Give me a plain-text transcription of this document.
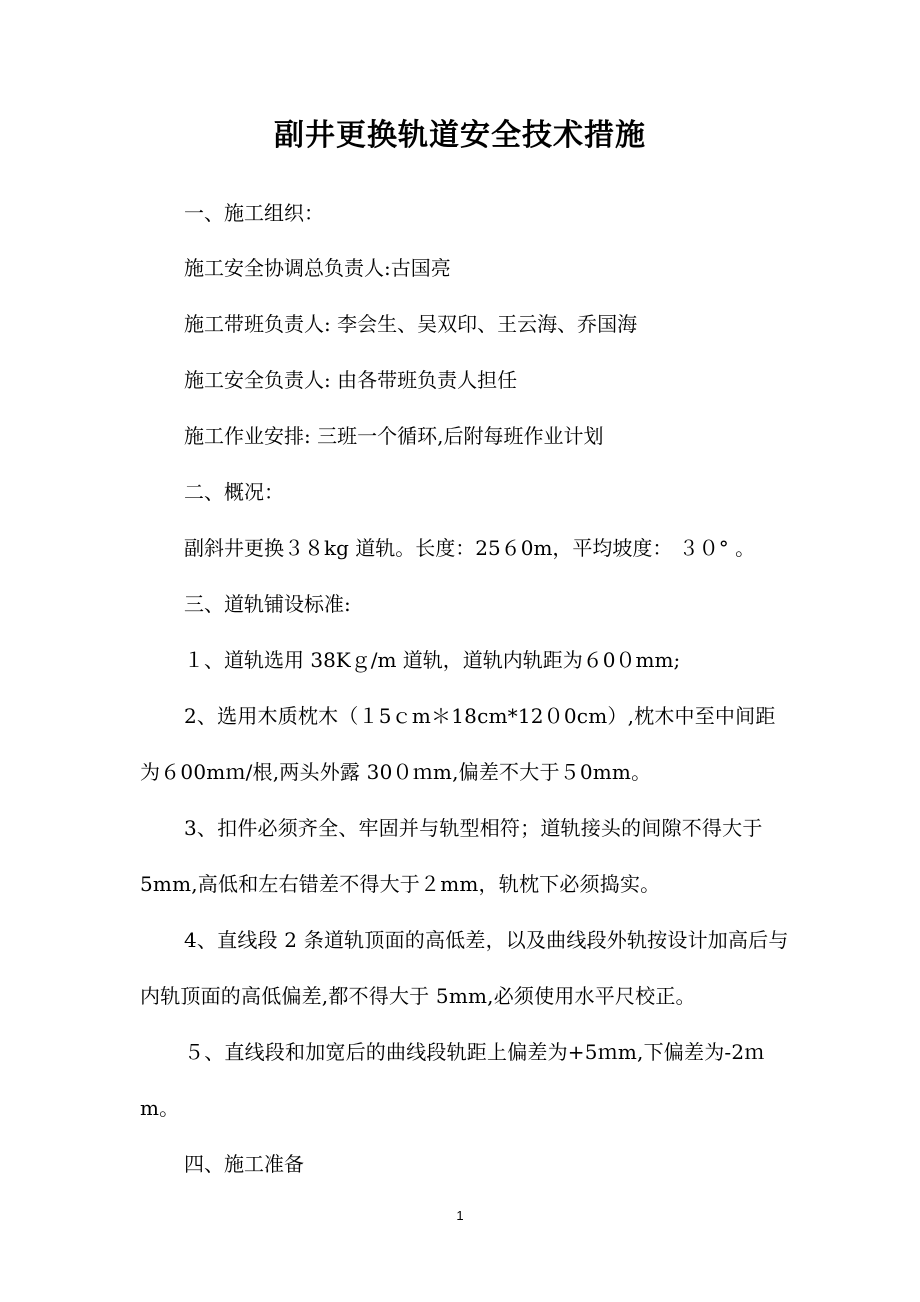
副井更换轨道安全技术措施
一、施工组织：
施工安全协调总负责人:古国亮
施工带班负责人: 李会生、吴双印、王云海、乔国海
施工安全负责人: 由各带班负责人担任
施工作业安排: 三班一个循环,后附每班作业计划
二、概况：
副斜井更换３８kg 道轨。长度：25６0m，平均坡度： ３０° 。
三、道轨铺设标准:
１、道轨选用 38Kｇ/m 道轨，道轨内轨距为６0０mm;
2、选用木质枕木（１5ｃm＊18cm*12０0cm）,枕木中至中间距为６00mｍ/根,两头外露 30０ｍm,偏差不大于５0mm。
3、扣件必须齐全、牢固并与轨型相符；道轨接头的间隙不得大于 5mm,高低和左右错差不得大于２mm，轨枕下必须捣实。
4、直线段 2 条道轨顶面的高低差，以及曲线段外轨按设计加高后与内轨顶面的高低偏差,都不得大于 5mm,必须使用水平尺校正。
５、直线段和加宽后的曲线段轨距上偏差为+5ｍm,下偏差为-2ｍm。
四、施工准备
1
